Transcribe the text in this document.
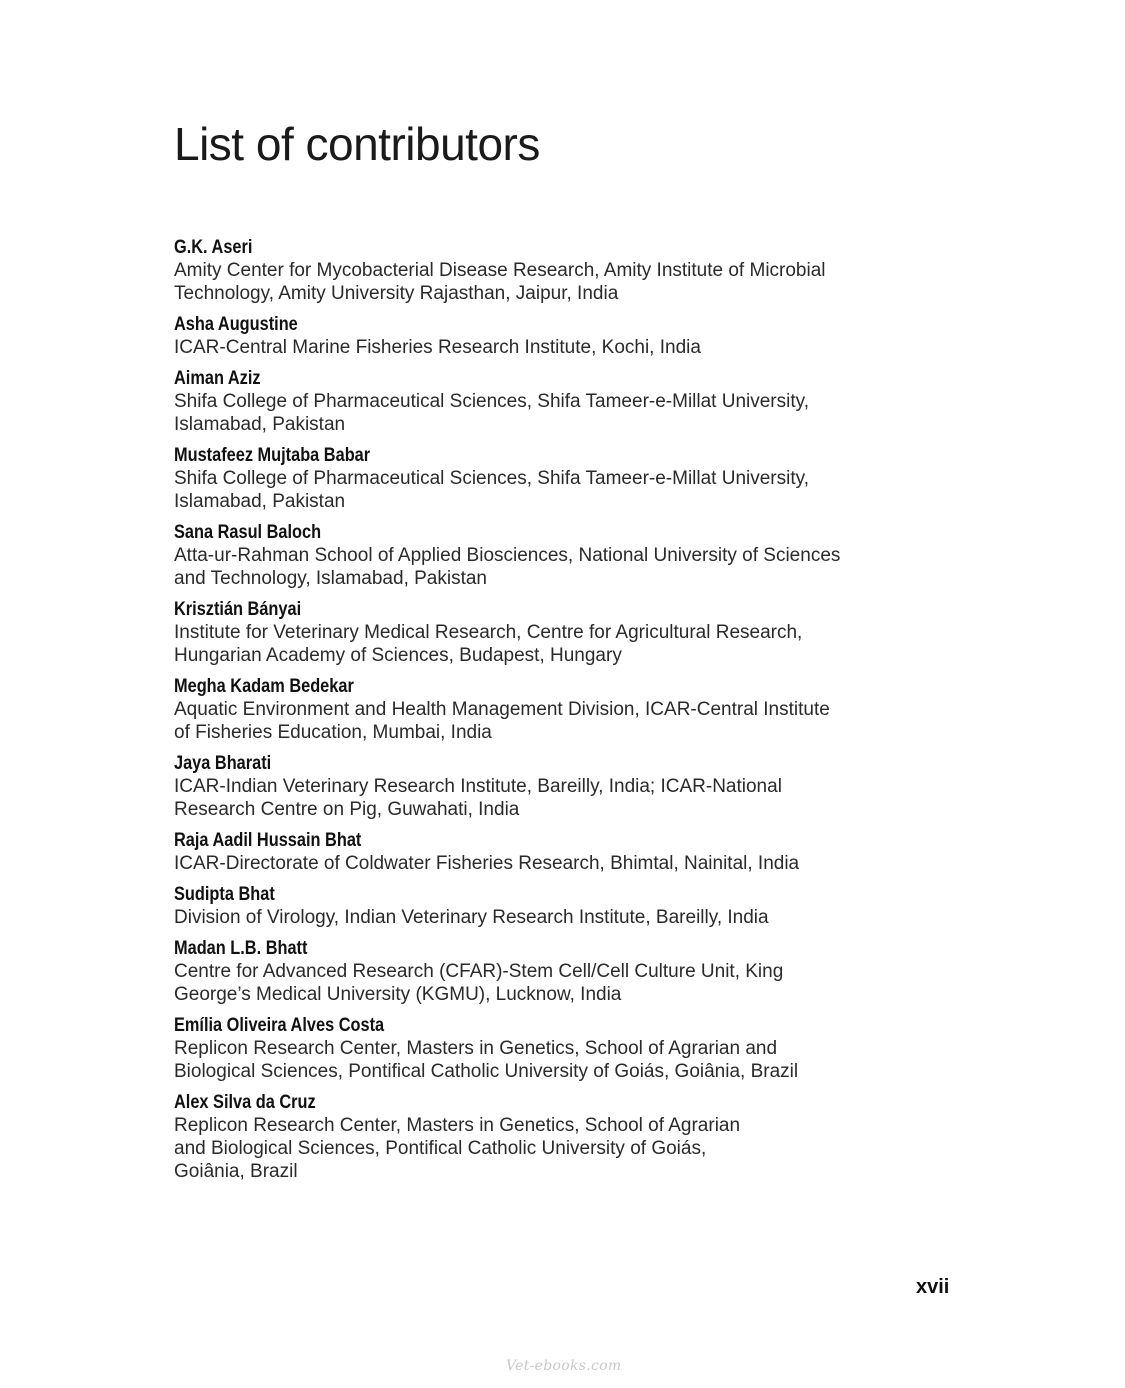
List of contributors
G.K. Aseri
Amity Center for Mycobacterial Disease Research, Amity Institute of Microbial
Technology, Amity University Rajasthan, Jaipur, India
Asha Augustine
ICAR-Central Marine Fisheries Research Institute, Kochi, India
Aiman Aziz
Shifa College of Pharmaceutical Sciences, Shifa Tameer-e-Millat University,
Islamabad, Pakistan
Mustafeez Mujtaba Babar
Shifa College of Pharmaceutical Sciences, Shifa Tameer-e-Millat University,
Islamabad, Pakistan
Sana Rasul Baloch
Atta-ur-Rahman School of Applied Biosciences, National University of Sciences
and Technology, Islamabad, Pakistan
Krisztián Bányai
Institute for Veterinary Medical Research, Centre for Agricultural Research,
Hungarian Academy of Sciences, Budapest, Hungary
Megha Kadam Bedekar
Aquatic Environment and Health Management Division, ICAR-Central Institute
of Fisheries Education, Mumbai, India
Jaya Bharati
ICAR-Indian Veterinary Research Institute, Bareilly, India; ICAR-National
Research Centre on Pig, Guwahati, India
Raja Aadil Hussain Bhat
ICAR-Directorate of Coldwater Fisheries Research, Bhimtal, Nainital, India
Sudipta Bhat
Division of Virology, Indian Veterinary Research Institute, Bareilly, India
Madan L.B. Bhatt
Centre for Advanced Research (CFAR)-Stem Cell/Cell Culture Unit, King
George’s Medical University (KGMU), Lucknow, India
Emília Oliveira Alves Costa
Replicon Research Center, Masters in Genetics, School of Agrarian and
Biological Sciences, Pontifical Catholic University of Goiás, Goiânia, Brazil
Alex Silva da Cruz
Replicon Research Center, Masters in Genetics, School of Agrarian
and Biological Sciences, Pontifical Catholic University of Goiás,
Goiânia, Brazil
xvii
Vet-ebooks.com
